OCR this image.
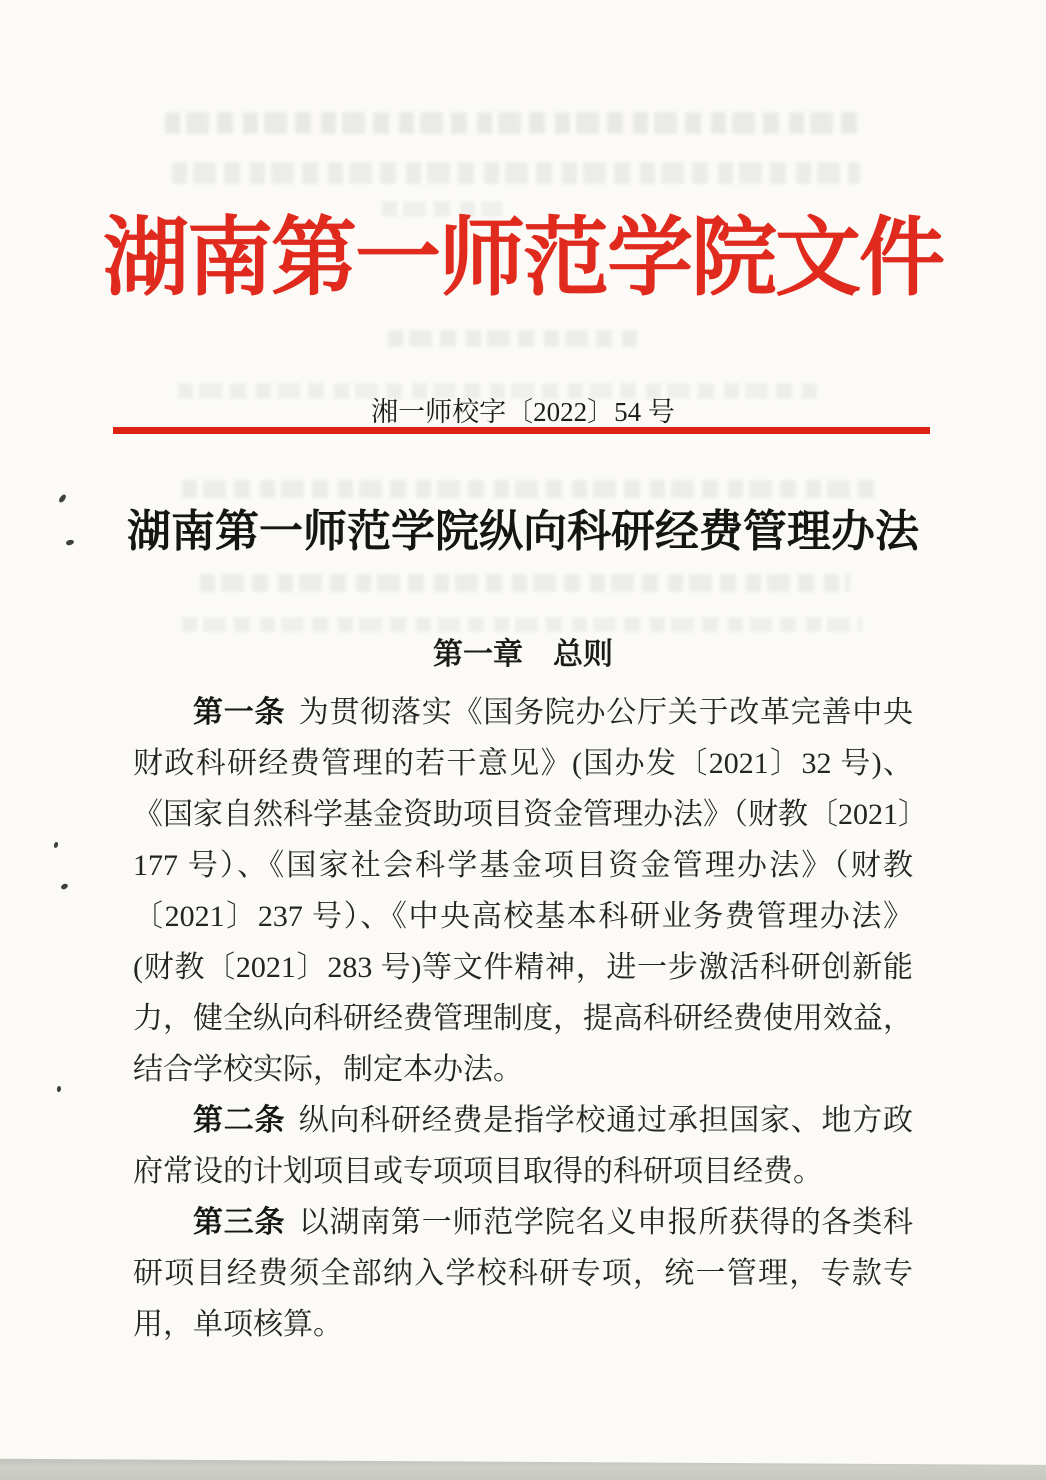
湖南第一师范学院文件
湘一师校字〔2022〕54 号
湖南第一师范学院纵向科研经费管理办法
第一章　总则

第一条 为贯彻落实《国务院办公厅关于改革完善中央财政科研经费管理的若干意见》(国办发〔2021〕32 号)、《国家自然科学基金资助项目资金管理办法》（财教〔2021〕177 号）、《国家社会科学基金项目资金管理办法》（财教〔2021〕237 号）、《中央高校基本科研业务费管理办法》(财教〔2021〕283 号)等文件精神，进一步激活科研创新能力，健全纵向科研经费管理制度，提高科研经费使用效益，结合学校实际，制定本办法。

第二条 纵向科研经费是指学校通过承担国家、地方政府常设的计划项目或专项项目取得的科研项目经费。

第三条 以湖南第一师范学院名义申报所获得的各类科研项目经费须全部纳入学校科研专项，统一管理，专款专用，单项核算。
